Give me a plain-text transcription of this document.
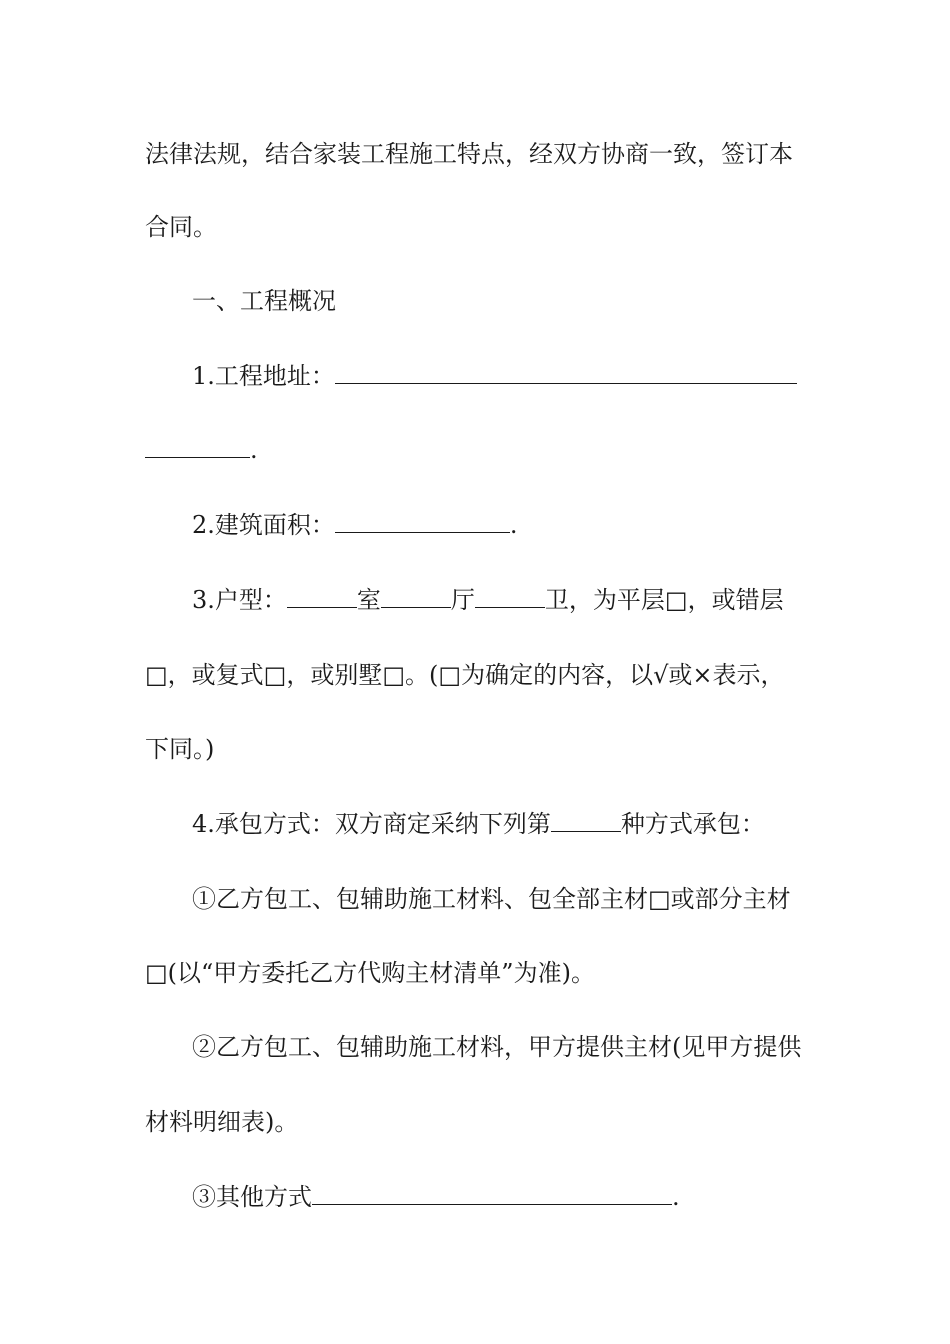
法律法规，结合家装工程施工特点，经双方协商一致，签订本
合同。
一、工程概况
1.工程地址：
.
2.建筑面积：	.
3.户型：	室	厅	卫，为平层□，或错层
□，或复式□，或别墅□。(□为确定的内容，以√或×表示，
下同。)
4.承包方式：双方商定采纳下列第	种方式承包：
①乙方包工、包辅助施工材料、包全部主材□或部分主材
□(以“甲方委托乙方代购主材清单”为准)。
②乙方包工、包辅助施工材料，甲方提供主材(见甲方提供
材料明细表)。
③其他方式	.
